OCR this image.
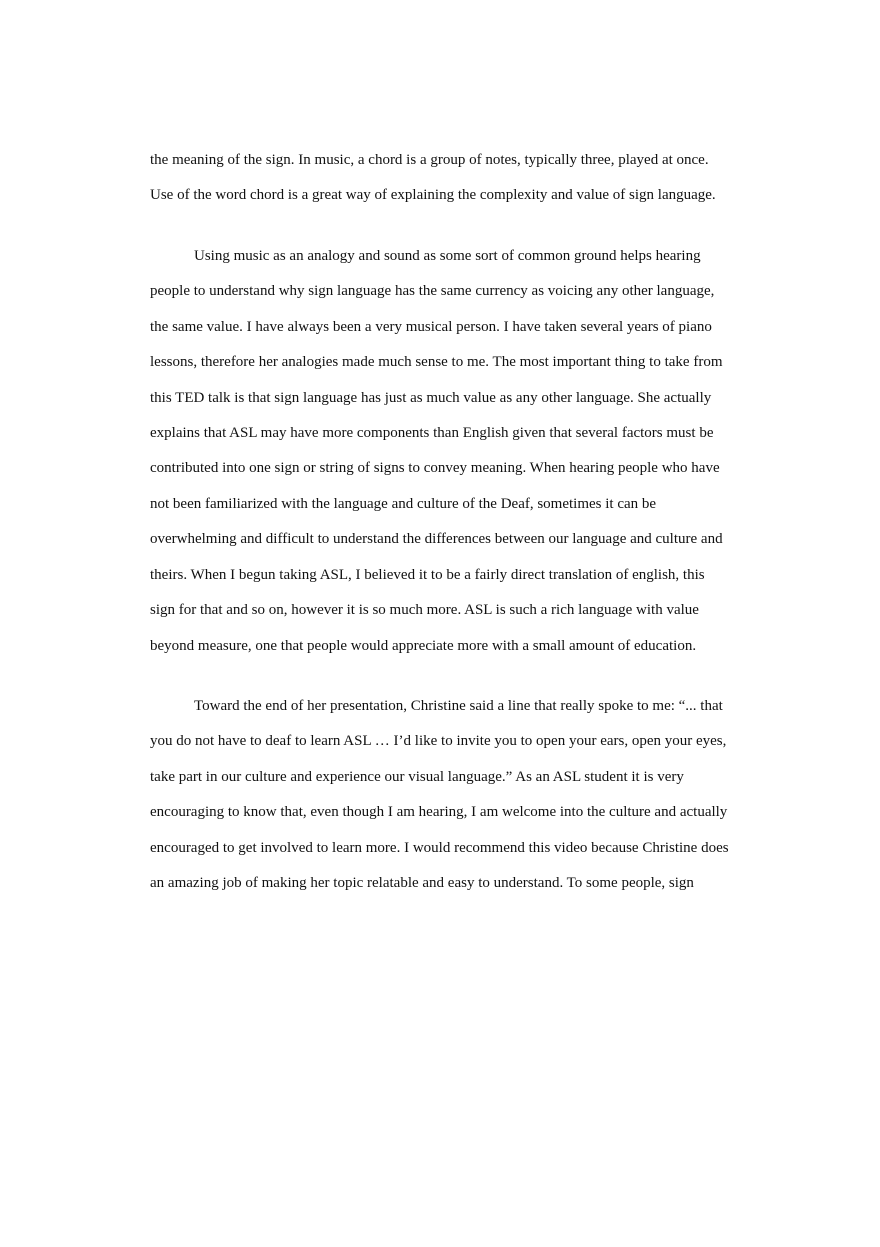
the meaning of the sign. In music, a chord is a group of notes, typically three, played at once.
Use of the word chord is a great way of explaining the complexity and value of sign language.
Using music as an analogy and sound as some sort of common ground helps hearing
people to understand why sign language has the same currency as voicing any other language,
the same value. I have always been a very musical person. I have taken several years of piano
lessons, therefore her analogies made much sense to me. The most important thing to take from
this TED talk is that sign language has just as much value as any other language. She actually
explains that ASL may have more components than English given that several factors must be
contributed into one sign or string of signs to convey meaning. When hearing people who have
not been familiarized with the language and culture of the Deaf, sometimes it can be
overwhelming and difficult to understand the differences between our language and culture and
theirs. When I begun taking ASL, I believed it to be a fairly direct translation of english, this
sign for that and so on, however it is so much more. ASL is such a rich language with value
beyond measure, one that people would appreciate more with a small amount of education.
Toward the end of her presentation, Christine said a line that really spoke to me: “... that
you do not have to deaf to learn ASL … I’d like to invite you to open your ears, open your eyes,
take part in our culture and experience our visual language.” As an ASL student it is very
encouraging to know that, even though I am hearing, I am welcome into the culture and actually
encouraged to get involved to learn more. I would recommend this video because Christine does
an amazing job of making her topic relatable and easy to understand. To some people, sign
